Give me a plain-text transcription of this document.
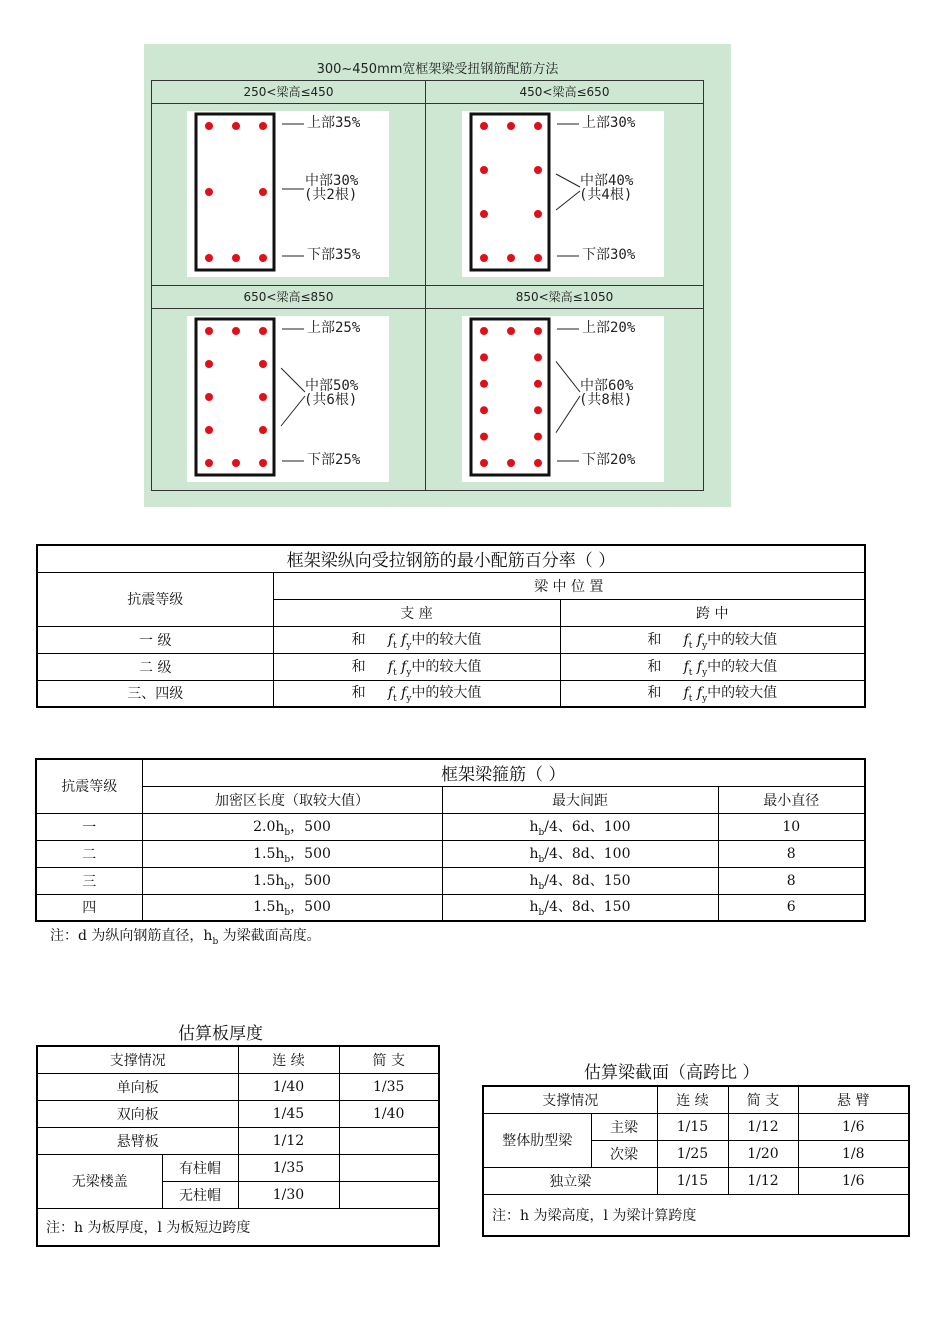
300~450mm宽框架梁受扭钢筋配筋方法
250<梁高≤450
上部35%
中部30%
(共2根)
下部35%
450<梁高≤650
上部30%
中部40%
(共4根)
下部30%
650<梁高≤850
上部25%
中部50%
(共6根)
下部25%
850<梁高≤1050
上部20%
中部60%
(共8根)
下部20%
框架梁纵向受拉钢筋的最小配筋百分率（ ）		
抗震等级	梁 中 位 置	
	支 座	跨 中
一 级	和 $f_t$ $f_y$中的较大值	和 $f_t$ $f_y$中的较大值
二 级	和 $f_t$ $f_y$中的较大值	和 $f_t$ $f_y$中的较大值
三、四级	和 $f_t$ $f_y$中的较大值	和 $f_t$ $f_y$中的较大值
抗震等级	框架梁箍筋（ ）		
	加密区长度（取较大值）	最大间距	最小直径
一	$2.0h_b$，500	$h_b/4$、6d、100	10
二	$1.5h_b$，500	$h_b/4$、8d、100	8
三	$1.5h_b$，500	$h_b/4$、8d、150	8
四	$1.5h_b$，500	$h_b/4$、8d、150	6
注：d 为纵向钢筋直径，$h_b$ 为梁截面高度。
估算板厚度
支撑情况		连 续	简 支
单向板		1/40	1/35
双向板		1/45	1/40
悬臂板		1/12	
无梁楼盖	有柱帽	1/35	
	无柱帽	1/30	
注：h 为板厚度，l 为板短边跨度			
估算梁截面（高跨比 ）
支撑情况		连 续	简 支	悬 臂
整体肋型梁	主梁	1/15	1/12	1/6
	次梁	1/25	1/20	1/8
独立梁		1/15	1/12	1/6
注：h 为梁高度，l 为梁计算跨度				
